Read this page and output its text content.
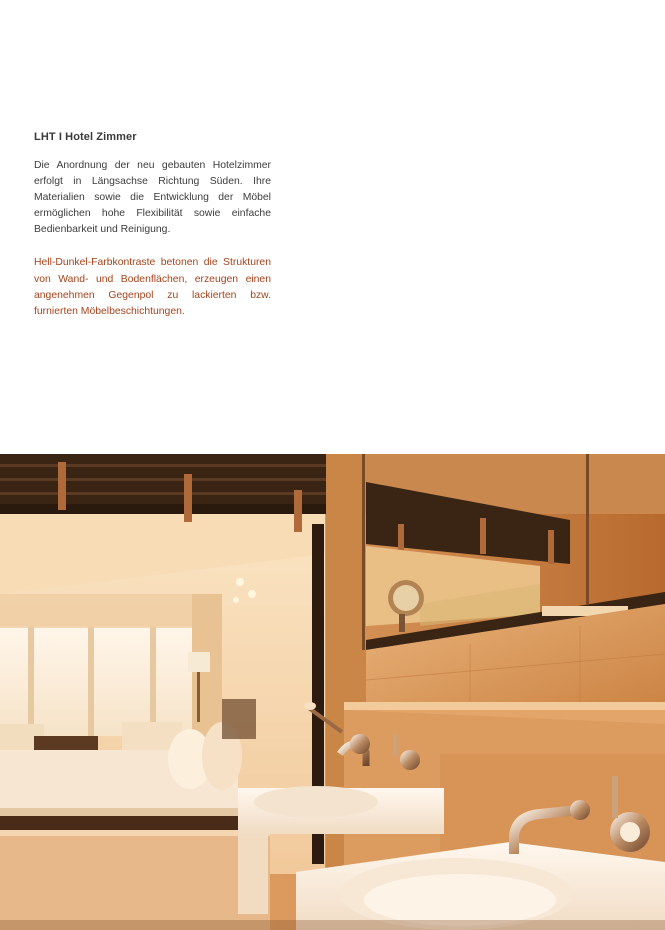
LHT I Hotel Zimmer

Die Anordnung der neu gebauten Hotelzimmer erfolgt in Längsachse Richtung Süden. Ihre Materialien sowie die Entwicklung der Möbel ermöglichen hohe Flexibilität sowie einfache Bedienbarkeit und Reinigung.

Hell-Dunkel-Farbkontraste betonen die Strukturen von Wand- und Bodenflächen, erzeugen einen angenehmen Gegenpol zu lackierten bzw. furnierten Möbelbeschichtungen.
